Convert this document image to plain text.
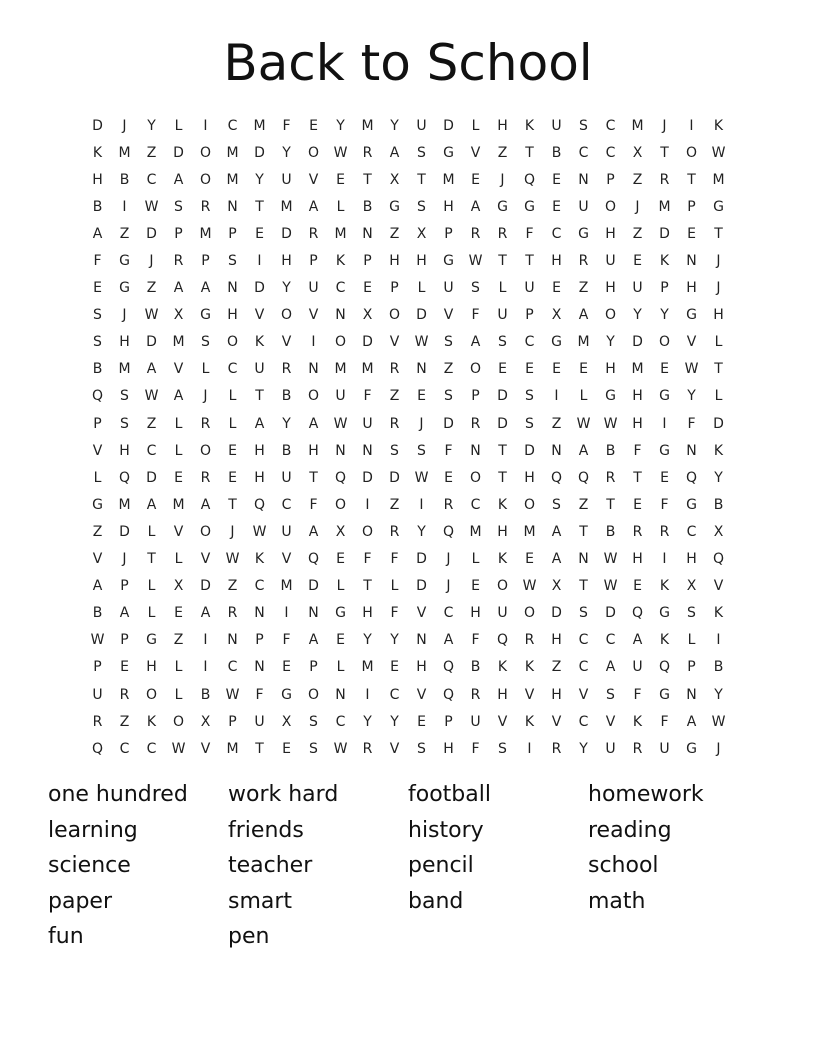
Back to School
D	J	Y	L	I	C	M	F	E	Y	M	Y	U	D	L	H	K	U	S	C	M	J	I	K
K	M	Z	D	O	M	D	Y	O	W	R	A	S	G	V	Z	T	B	C	C	X	T	O	W
H	B	C	A	O	M	Y	U	V	E	T	X	T	M	E	J	Q	E	N	P	Z	R	T	M
B	I	W	S	R	N	T	M	A	L	B	G	S	H	A	G	G	E	U	O	J	M	P	G
A	Z	D	P	M	P	E	D	R	M	N	Z	X	P	R	R	F	C	G	H	Z	D	E	T
F	G	J	R	P	S	I	H	P	K	P	H	H	G	W	T	T	H	R	U	E	K	N	J
E	G	Z	A	A	N	D	Y	U	C	E	P	L	U	S	L	U	E	Z	H	U	P	H	J
S	J	W	X	G	H	V	O	V	N	X	O	D	V	F	U	P	X	A	O	Y	Y	G	H
S	H	D	M	S	O	K	V	I	O	D	V	W	S	A	S	C	G	M	Y	D	O	V	L
B	M	A	V	L	C	U	R	N	M	M	R	N	Z	O	E	E	E	E	H	M	E	W	T
Q	S	W	A	J	L	T	B	O	U	F	Z	E	S	P	D	S	I	L	G	H	G	Y	L
P	S	Z	L	R	L	A	Y	A	W	U	R	J	D	R	D	S	Z	W W	H	I	F	D
V	H	C	L	O	E	H	B	H	N	N	S	S	F	N	T	D	N	A	B	F	G	N	K
L	Q	D	E	R	E	H	U	T	Q	D	D	W	E	O	T	H	Q	Q	R	T	E	Q	Y
G	M	A	M	A	T	Q	C	F	O	I	Z	I	R	C	K	O	S	Z	T	E	F	G	B
Z	D	L	V	O	J	W	U	A	X	O	R	Y	Q	M	H	M	A	T	B	R	R	C	X
V	J	T	L	V	W	K	V	Q	E	F	F	D	J	L	K	E	A	N	W	H	I	H	Q
A	P	L	X	D	Z	C	M	D	L	T	L	D	J	E	O	W	X	T	W	E	K	X	V
B	A	L	E	A	R	N	I	N	G	H	F	V	C	H	U	O	D	S	D	Q	G	S	K
W	P	G	Z	I	N	P	F	A	E	Y	Y	N	A	F	Q	R	H	C	C	A	K	L	I
P	E	H	L	I	C	N	E	P	L	M	E	H	Q	B	K	K	Z	C	A	U	Q	P	B
U	R	O	L	B	W	F	G	O	N	I	C	V	Q	R	H	V	H	V	S	F	G	N	Y
R	Z	K	O	X	P	U	X	S	C	Y	Y	E	P	U	V	K	V	C	V	K	F	A	W
Q	C	C	W	V	M	T	E	S	W	R	V	S	H	F	S	I	R	Y	U	R	U	G	J
one hundred	work hard	football	homework
learning	friends	history	reading
science	teacher	pencil	school
paper	smart	band	math
fun	pen
